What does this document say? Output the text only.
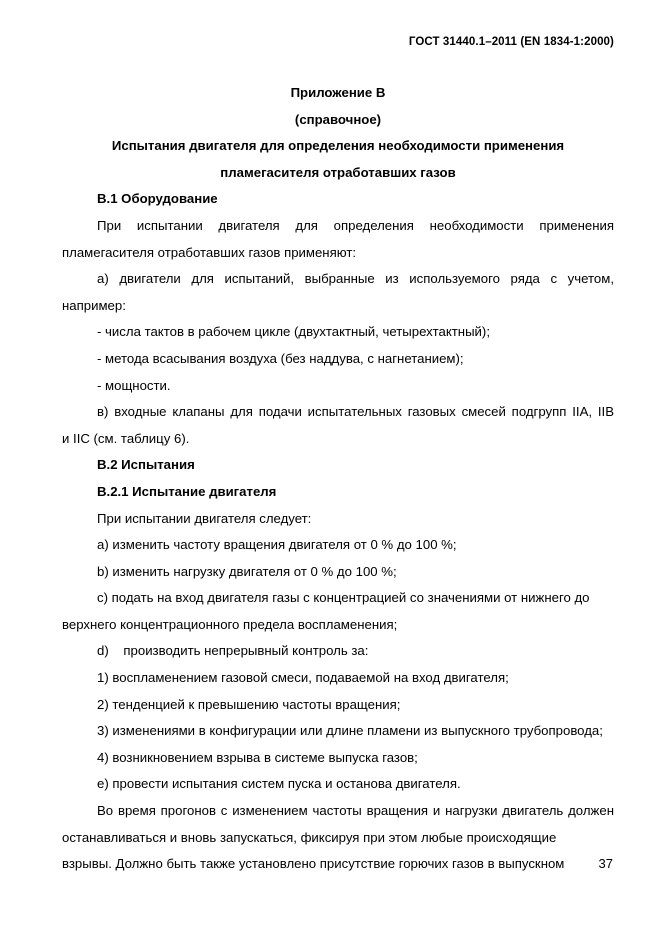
ГОСТ 31440.1–2011 (EN 1834-1:2000)
Приложение В
(справочное)
Испытания двигателя для определения необходимости применения
пламегасителя отработавших газов
В.1 Оборудование
При испытании двигателя для определения необходимости применения
пламегасителя отработавших газов применяют:
а) двигатели для испытаний, выбранные из используемого ряда с учетом,
например:
- числа тактов в рабочем цикле (двухтактный, четырехтактный);
- метода всасывания воздуха (без наддува, с нагнетанием);
- мощности.
в) входные клапаны для подачи испытательных газовых смесей подгрупп IIA, IIB
и IIC (см. таблицу 6).
В.2 Испытания
В.2.1 Испытание двигателя
При испытании двигателя следует:
а) изменить частоту вращения двигателя от 0 % до 100 %;
b) изменить нагрузку двигателя от 0 % до 100 %;
c) подать на вход двигателя газы с концентрацией со значениями от нижнего до
верхнего концентрационного предела воспламенения;
d)    производить непрерывный контроль за:
1) воспламенением газовой смеси, подаваемой на вход двигателя;
2) тенденцией к превышению частоты вращения;
3) изменениями в конфигурации или длине пламени из выпускного трубопровода;
4) возникновением взрыва в системе выпуска газов;
е) провести испытания систем пуска и останова двигателя.
Во время прогонов с изменением частоты вращения и нагрузки двигатель должен
останавливаться и вновь запускаться, фиксируя при этом любые происходящие
взрывы. Должно быть также установлено присутствие горючих газов в выпускном	37
